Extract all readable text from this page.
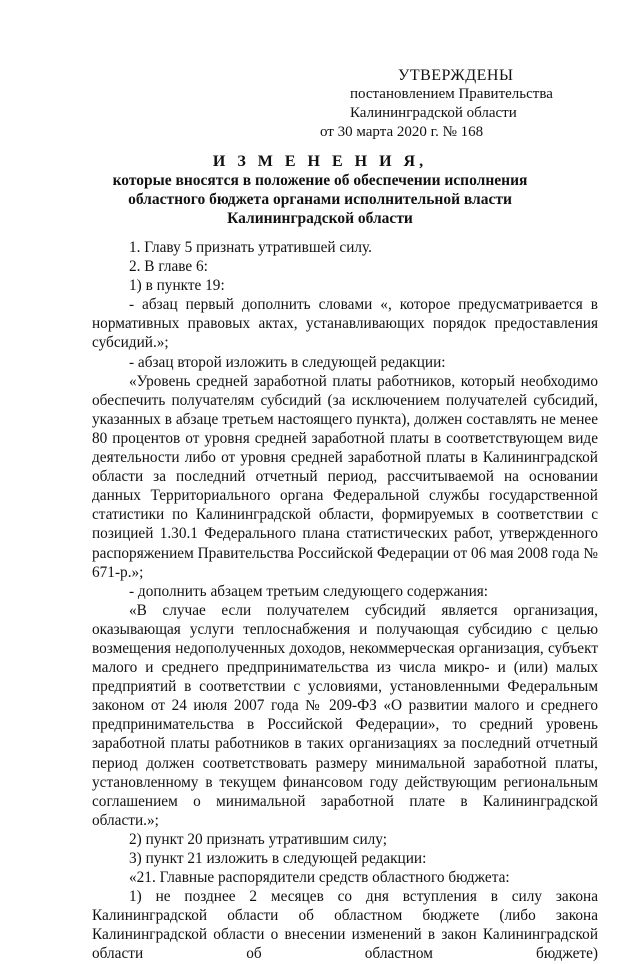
УТВЕРЖДЕНЫ
постановлением Правительства
Калининградской области
от 30 марта 2020 г. № 168
И З М Е Н Е Н И Я,
которые вносятся в положение об обеспечении исполнения
областного бюджета органами исполнительной власти
Калининградской области

1. Главу 5 признать утратившей силу.

2. В главе 6:

1) в пункте 19:

- абзац первый дополнить словами «, которое предусматривается в нормативных правовых актах, устанавливающих порядок предоставления субсидий.»;

- абзац второй изложить в следующей редакции:

«Уровень средней заработной платы работников, который необходимо обеспечить получателям субсидий (за исключением получателей субсидий, указанных в абзаце третьем настоящего пункта), должен составлять не менее 80 процентов от уровня средней заработной платы в соответствующем виде деятельности либо от уровня средней заработной платы в Калининградской области за последний отчетный период, рассчитываемой на основании данных Территориального органа Федеральной службы государственной статистики по Калининградской области, формируемых в соответствии с позицией 1.30.1 Федерального плана статистических работ, утвержденного распоряжением Правительства Российской Федерации от 06 мая 2008 года № 671-р.»;

- дополнить абзацем третьим следующего содержания:

«В случае если получателем субсидий является организация, оказывающая услуги теплоснабжения и получающая субсидию с целью возмещения недополученных доходов, некоммерческая организация, субъект малого и среднего предпринимательства из числа микро- и (или) малых предприятий в соответствии с условиями, установленными Федеральным законом от 24 июля 2007 года № 209-ФЗ «О развитии малого и среднего предпринимательства в Российской Федерации», то средний уровень заработной платы работников в таких организациях за последний отчетный период должен соответствовать размеру минимальной заработной платы, установленному в текущем финансовом году действующим региональным соглашением о минимальной заработной плате в Калининградской области.»;

2) пункт 20 признать утратившим силу;

3) пункт 21 изложить в следующей редакции:

«21. Главные распорядители средств областного бюджета:

1) не позднее 2 месяцев со дня вступления в силу закона Калининградской области об областном бюджете (либо закона Калининградской области о внесении изменений в закон Калининградской области об областном бюджете)
